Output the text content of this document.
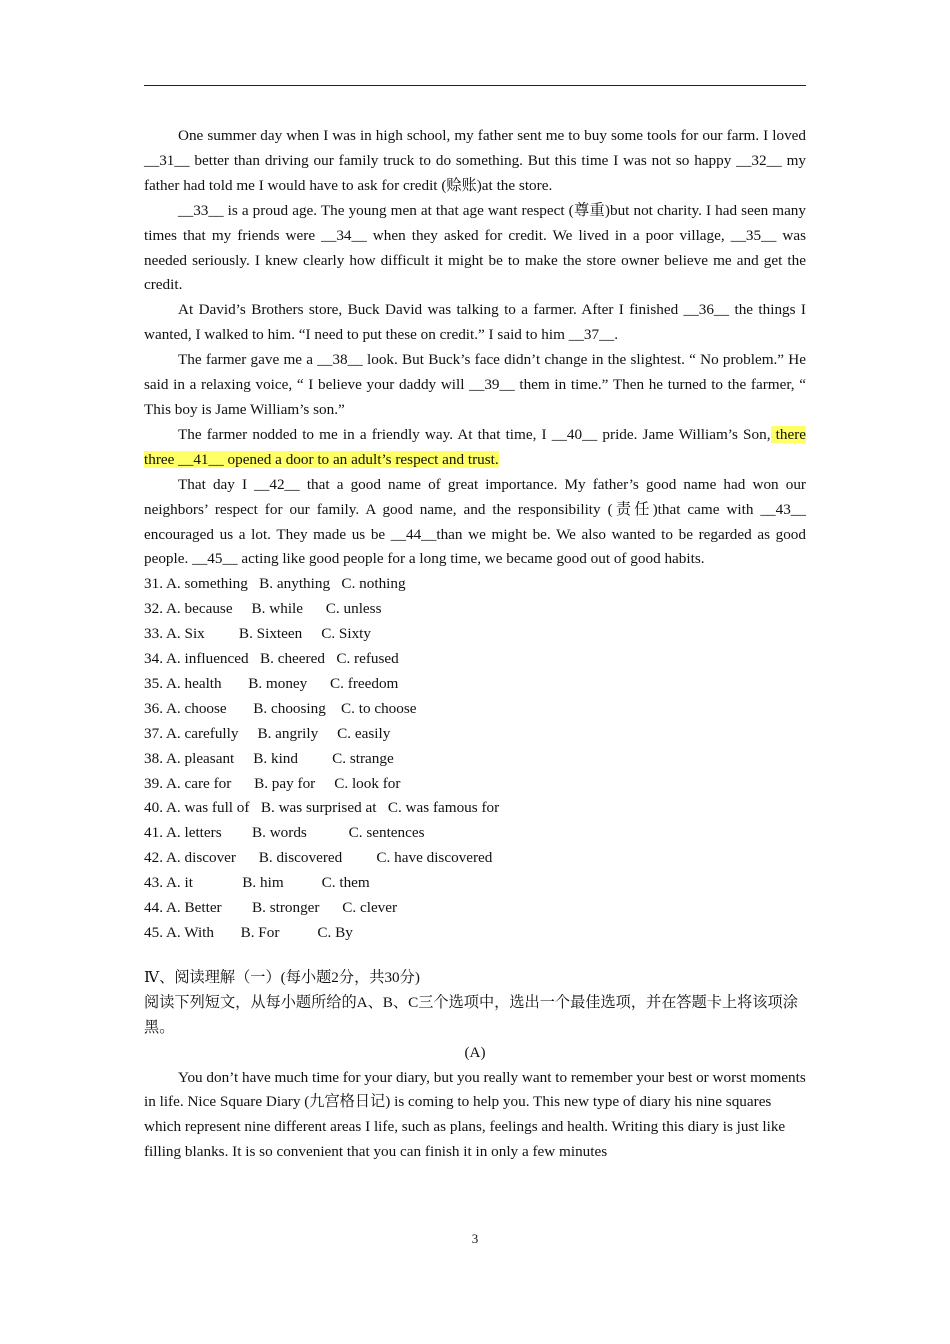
One summer day when I was in high school, my father sent me to buy some tools for our farm. I loved __31__ better than driving our family truck to do something. But this time I was not so happy __32__ my father had told me I would have to ask for credit (赊账)at the store.

__33__ is a proud age. The young men at that age want respect (尊重)but not charity. I had seen many times that my friends were __34__ when they asked for credit. We lived in a poor village, __35__ was needed seriously. I knew clearly how difficult it might be to make the store owner believe me and get the credit.

At David’s Brothers store, Buck David was talking to a farmer. After I finished __36__ the things I wanted, I walked to him. “I need to put these on credit.” I said to him __37__.

The farmer gave me a __38__ look. But Buck’s face didn’t change in the slightest. “ No problem.” He said in a relaxing voice, “ I believe your daddy will __39__ them in time.” Then he turned to the farmer, “ This boy is Jame William’s son.”

The farmer nodded to me in a friendly way. At that time, I __40__ pride. Jame William’s Son, there three __41__ opened a door to an adult’s respect and trust.

That day I __42__ that a good name of great importance. My father’s good name had won our neighbors’ respect for our family. A good name, and the responsibility (责任)that came with __43__ encouraged us a lot. They made us be __44__than we might be. We also wanted to be regarded as good people. __45__ acting like good people for a long time, we became good out of good habits.

31. A. something   B. anything   C. nothing

32. A. because     B. while      C. unless

33. A. Six         B. Sixteen     C. Sixty

34. A. influenced   B. cheered   C. refused

35. A. health       B. money      C. freedom

36. A. choose       B. choosing    C. to choose

37. A. carefully     B. angrily     C. easily

38. A. pleasant     B. kind         C. strange

39. A. care for      B. pay for     C. look for

40. A. was full of   B. was surprised at   C. was famous for

41. A. letters        B. words           C. sentences

42. A. discover      B. discovered         C. have discovered

43. A. it             B. him          C. them

44. A. Better        B. stronger      C. clever

45. A. With       B. For          C. By

Ⅳ、阅读理解（一）(每小题2分，共30分)

阅读下列短文，从每小题所给的A、B、C三个选项中，选出一个最佳选项，并在答题卡上将该项涂黑。

(A)

You don’t have much time for your diary, but you really want to remember your best or worst moments in life. Nice Square Diary (九宫格日记) is coming to help you. This new type of diary his nine squares which represent nine different areas I life, such as plans, feelings and health. Writing this diary is just like filling blanks. It is so convenient that you can finish it in only a few minutes

3
